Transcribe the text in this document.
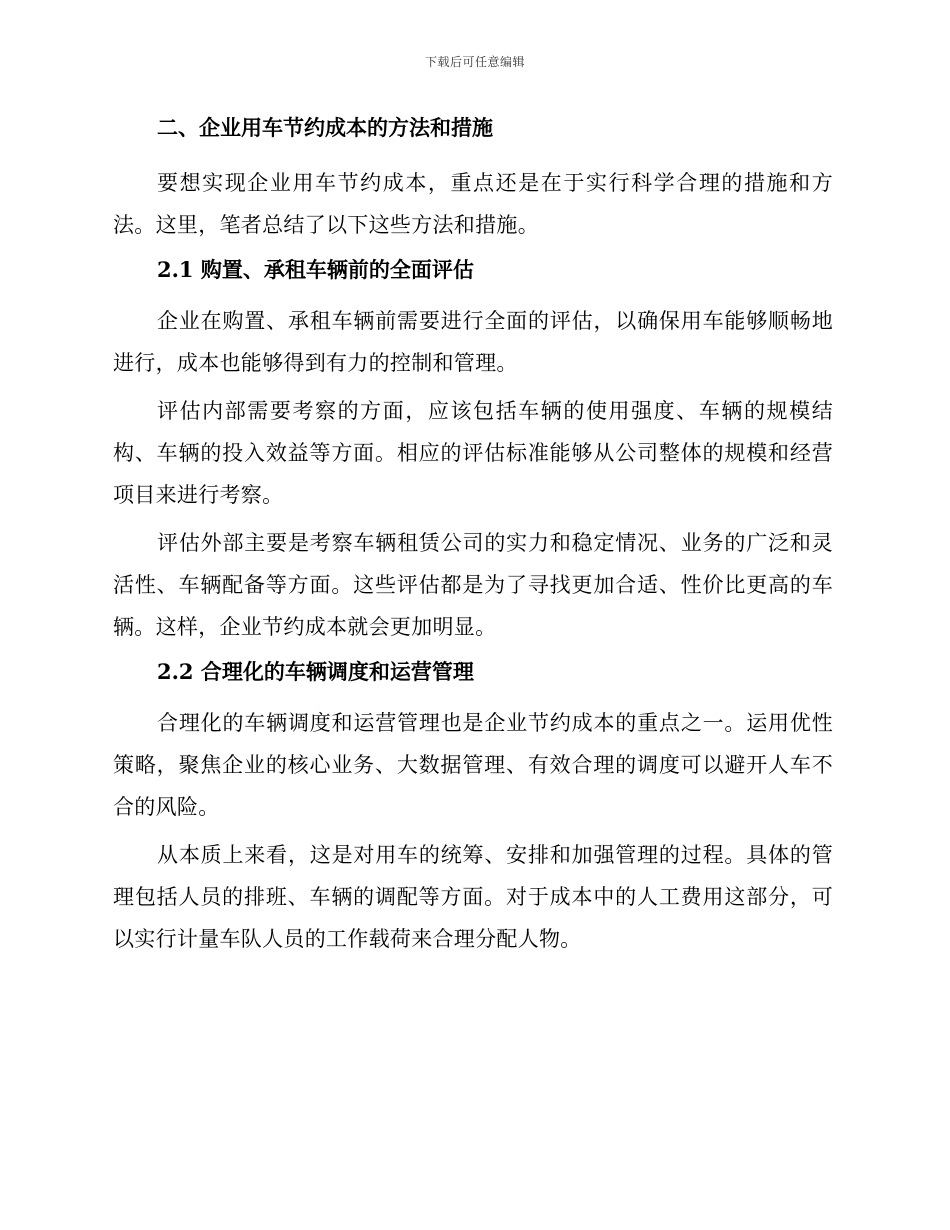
下载后可任意编辑
二、企业用车节约成本的方法和措施

要想实现企业用车节约成本，重点还是在于实行科学合理的措施和方法。这里，笔者总结了以下这些方法和措施。

2.1 购置、承租车辆前的全面评估

企业在购置、承租车辆前需要进行全面的评估，以确保用车能够顺畅地进行，成本也能够得到有力的控制和管理。

评估内部需要考察的方面，应该包括车辆的使用强度、车辆的规模结构、车辆的投入效益等方面。相应的评估标准能够从公司整体的规模和经营项目来进行考察。

评估外部主要是考察车辆租赁公司的实力和稳定情况、业务的广泛和灵活性、车辆配备等方面。这些评估都是为了寻找更加合适、性价比更高的车辆。这样，企业节约成本就会更加明显。

2.2 合理化的车辆调度和运营管理

合理化的车辆调度和运营管理也是企业节约成本的重点之一。运用优性策略，聚焦企业的核心业务、大数据管理、有效合理的调度可以避开人车不合的风险。

从本质上来看，这是对用车的统筹、安排和加强管理的过程。具体的管理包括人员的排班、车辆的调配等方面。对于成本中的人工费用这部分，可以实行计量车队人员的工作载荷来合理分配人物。
